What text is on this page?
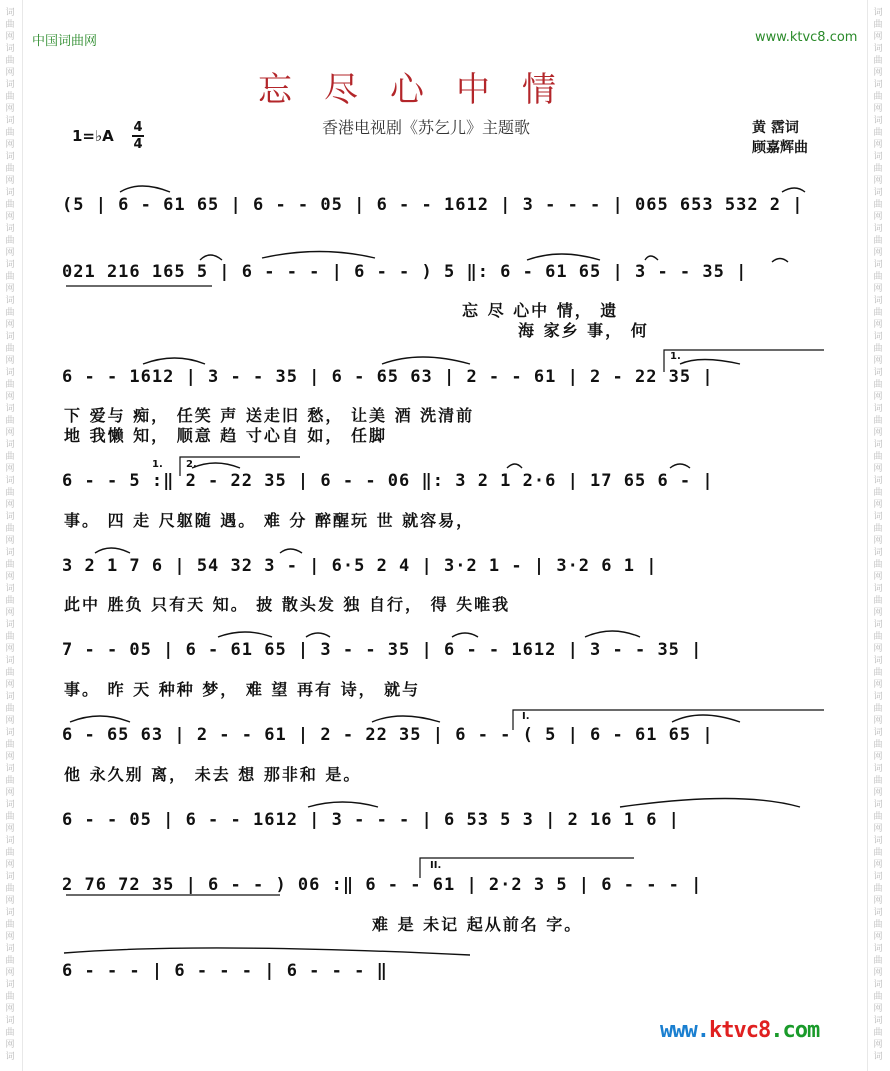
词
曲
网
词
曲
网
词
曲
网
词
曲
网
词
曲
网
词
曲
网
词
曲
网
词
曲
网
词
曲
网
词
曲
网
词
曲
网
词
曲
网
词
曲
网
词
曲
网
词
曲
网
词
曲
网
词
曲
网
词
曲
网
词
曲
网
词
曲
网
词
曲
网
词
曲
网
词
曲
网
词
曲
网
词
曲
网
词
曲
网
词
曲
网
词
曲
网
词
曲
网
词
词
曲
网
词
曲
网
词
曲
网
词
曲
网
词
曲
网
词
曲
网
词
曲
网
词
曲
网
词
曲
网
词
曲
网
词
曲
网
词
曲
网
词
曲
网
词
曲
网
词
曲
网
词
曲
网
词
曲
网
词
曲
网
词
曲
网
词
曲
网
词
曲
网
词
曲
网
词
曲
网
词
曲
网
词
曲
网
词
曲
网
词
曲
网
词
曲
网
词
曲
网
词
中国词曲网	www.ktvc8.com
忘尽心中情
香港电视剧《苏乞儿》主题歌	黄 霑词
顾嘉辉曲
1=♭A 4
4
(5 | 6 - 61 65 | 6 - - 05 | 6 - - 1612 | 3 - - - | 065 653 532 2 |
021 216 165 5 | 6 - - - | 6 - - ) 5 ‖: 6 - 61 65 | 3 - - 35 |
忘 尽 心中 情， 遗
海 家乡 事， 何
6 - - 1612 | 3 - - 35 | 6 - 65 63 | 2 - - 61 | 2 - 22 35 |
下 爱与 痴， 任笑 声 送走旧 愁， 让美 酒 洗清前
地 我懒 知， 顺意 趋 寸心自 如， 任脚
6 - - 5 :‖ 2 - 22 35 | 6 - - 06 ‖: 3 2 1 2·6 | 17 65 6 - |
事。 四 走 尺躯随 遇。 难 分 醉醒玩 世 就容易，
3 2 1 7 6 | 54 32 3 - | 6·5 2 4 | 3·2 1 - | 3·2 6 1 |
此中 胜负 只有天 知。 披 散头发 独 自行， 得 失唯我
7 - - 05 | 6 - 61 65 | 3 - - 35 | 6 - - 1612 | 3 - - 35 |
事。 昨 天 种种 梦， 难 望 再有 诗， 就与
6 - 65 63 | 2 - - 61 | 2 - 22 35 | 6 - - ( 5 | 6 - 61 65 |
他 永久别 离， 未去 想 那非和 是。
6 - - 05 | 6 - - 1612 | 3 - - - | 6 53 5 3 | 2 16 1 6 |
2 76 72 35 | 6 - - ) 06 :‖ 6 - - 61 | 2·2 3 5 | 6 - - - |
难 是 未记 起从前名 字。
6 - - - | 6 - - - | 6 - - - ‖
1.
1. 2.
I.
II.
www.ktvc8.com
